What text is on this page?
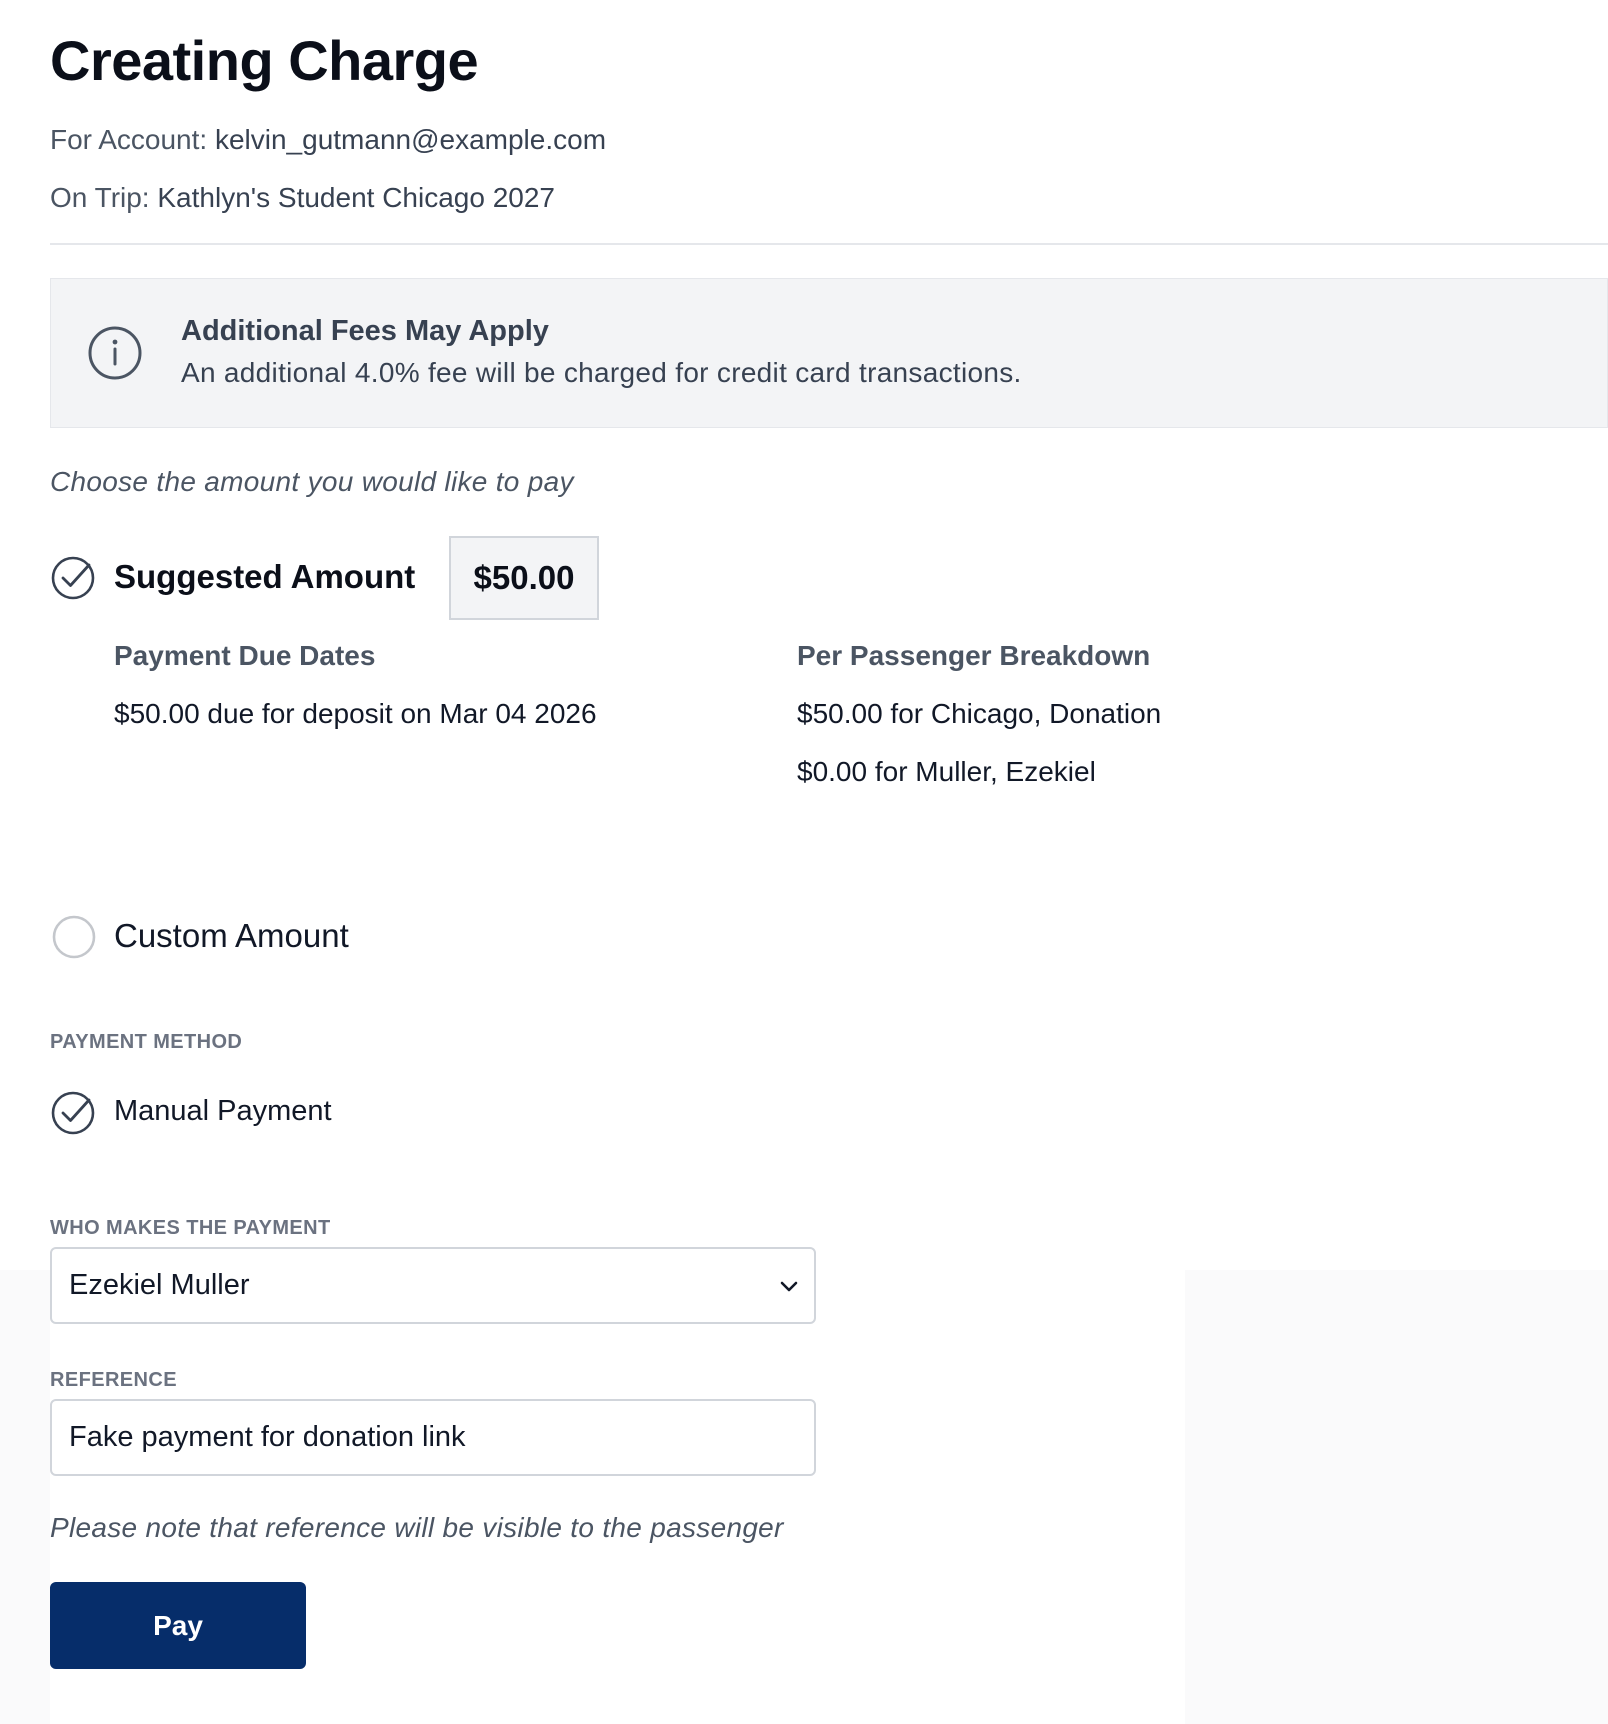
Creating Charge
For Account: kelvin_gutmann@example.com
On Trip: Kathlyn's Student Chicago 2027
Additional Fees May Apply
An additional 4.0% fee will be charged for credit card transactions.
Choose the amount you would like to pay
Suggested Amount	$50.00
Payment Due Dates
$50.00 due for deposit on Mar 04 2026
Per Passenger Breakdown
$50.00 for Chicago, Donation
$0.00 for Muller, Ezekiel
Custom Amount
PAYMENT METHOD
Manual Payment
WHO MAKES THE PAYMENT
Ezekiel Muller
REFERENCE
Fake payment for donation link
Please note that reference will be visible to the passenger
Pay
